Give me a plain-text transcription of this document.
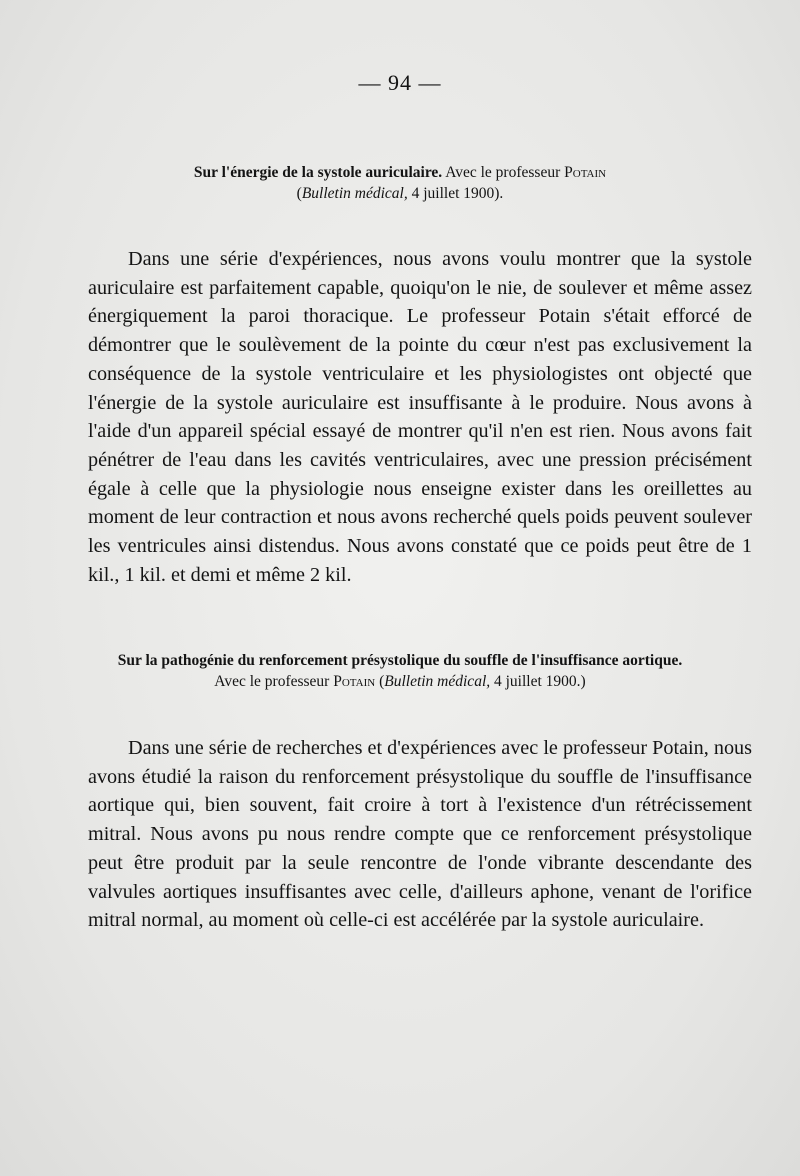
— 94 —
Sur l'énergie de la systole auriculaire. Avec le professeur Potain
(Bulletin médical, 4 juillet 1900).

Dans une série d'expériences, nous avons voulu montrer que la systole auriculaire est parfaitement capable, quoiqu'on le nie, de soulever et même assez énergiquement la paroi thoracique. Le professeur Potain s'était efforcé de démontrer que le soulèvement de la pointe du cœur n'est pas exclusivement la conséquence de la systole ventriculaire et les physiologistes ont objecté que l'énergie de la systole auriculaire est insuffisante à le produire. Nous avons à l'aide d'un appareil spécial essayé de montrer qu'il n'en est rien. Nous avons fait pénétrer de l'eau dans les cavités ventriculaires, avec une pression précisément égale à celle que la physiologie nous enseigne exister dans les oreillettes au moment de leur contraction et nous avons recherché quels poids peuvent soulever les ventricules ainsi distendus. Nous avons constaté que ce poids peut être de 1 kil., 1 kil. et demi et même 2 kil.

Sur la pathogénie du renforcement présystolique du souffle de l'insuffisance aortique.
Avec le professeur Potain (Bulletin médical, 4 juillet 1900.)

Dans une série de recherches et d'expériences avec le professeur Potain, nous avons étudié la raison du renforcement présystolique du souffle de l'insuffisance aortique qui, bien souvent, fait croire à tort à l'existence d'un rétrécissement mitral. Nous avons pu nous rendre compte que ce renforcement présystolique peut être produit par la seule rencontre de l'onde vibrante descendante des valvules aortiques insuffisantes avec celle, d'ailleurs aphone, venant de l'orifice mitral normal, au moment où celle-ci est accélérée par la systole auriculaire.
